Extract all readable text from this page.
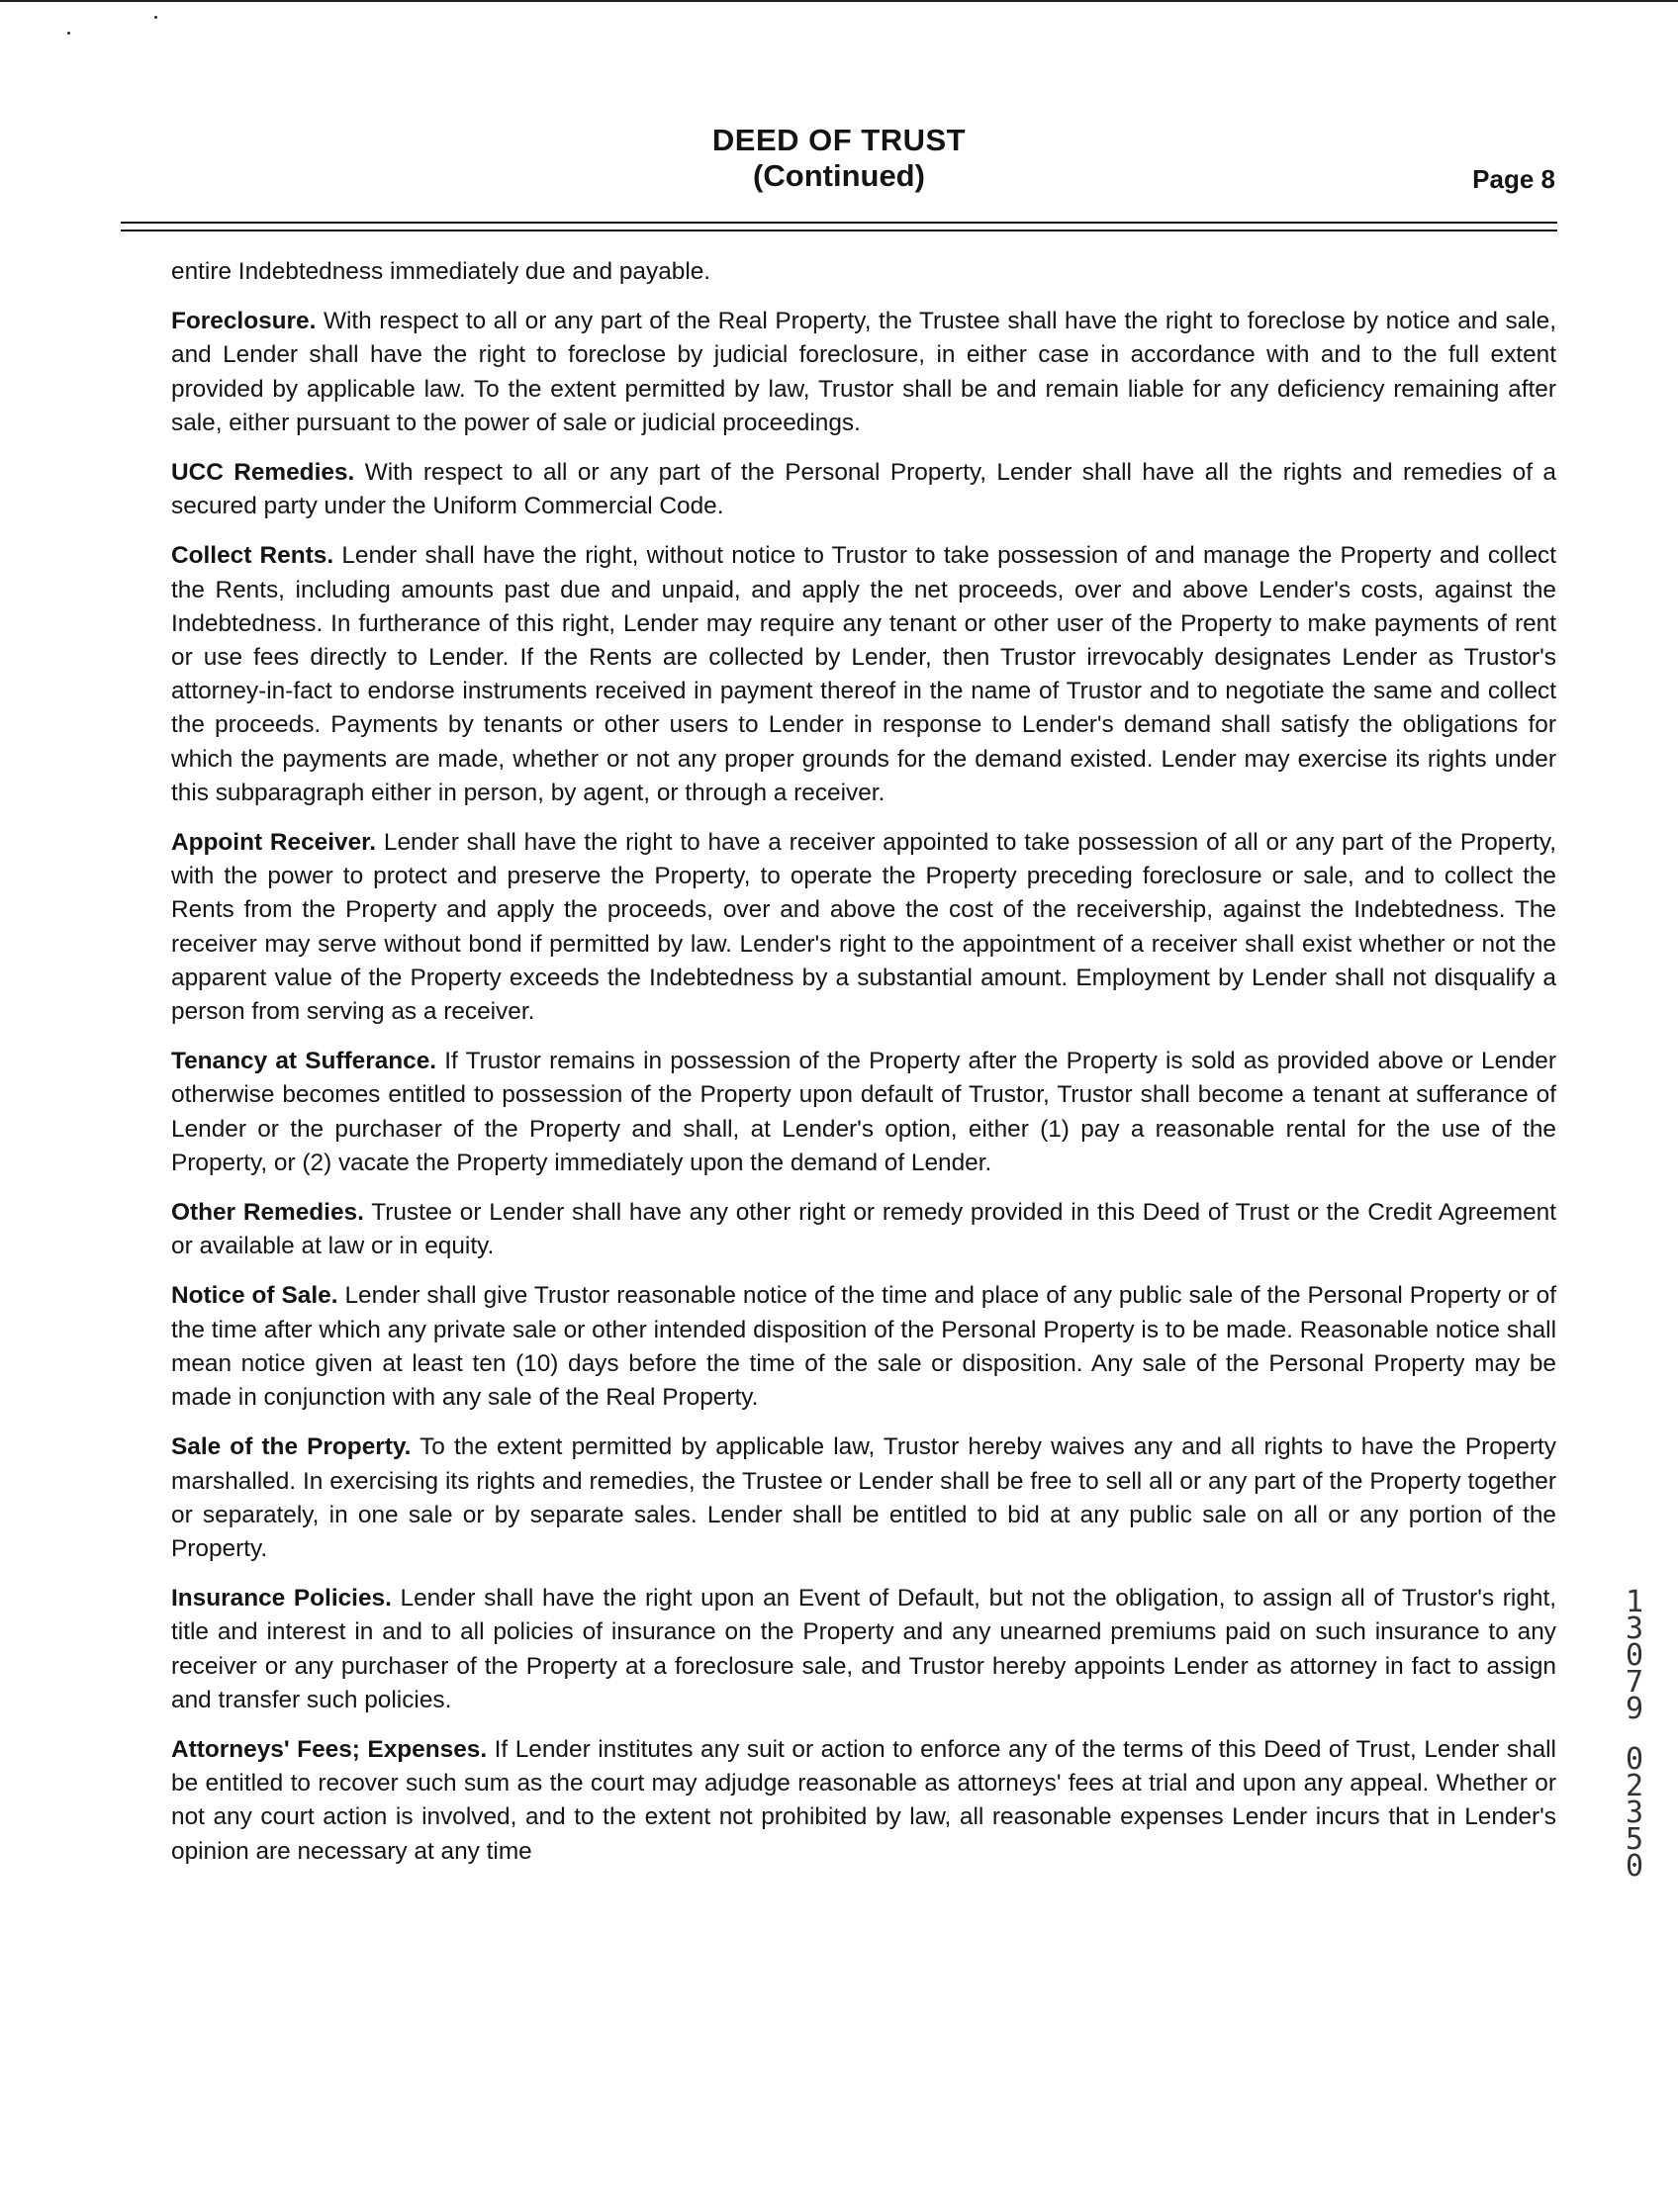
DEED OF TRUST
(Continued)	Page 8

entire Indebtedness immediately due and payable.

Foreclosure. With respect to all or any part of the Real Property, the Trustee shall have the right to foreclose by notice and sale, and Lender shall have the right to foreclose by judicial foreclosure, in either case in accordance with and to the full extent provided by applicable law. To the extent permitted by law, Trustor shall be and remain liable for any deficiency remaining after sale, either pursuant to the power of sale or judicial proceedings.

UCC Remedies. With respect to all or any part of the Personal Property, Lender shall have all the rights and remedies of a secured party under the Uniform Commercial Code.

Collect Rents. Lender shall have the right, without notice to Trustor to take possession of and manage the Property and collect the Rents, including amounts past due and unpaid, and apply the net proceeds, over and above Lender's costs, against the Indebtedness. In furtherance of this right, Lender may require any tenant or other user of the Property to make payments of rent or use fees directly to Lender. If the Rents are collected by Lender, then Trustor irrevocably designates Lender as Trustor's attorney-in-fact to endorse instruments received in payment thereof in the name of Trustor and to negotiate the same and collect the proceeds. Payments by tenants or other users to Lender in response to Lender's demand shall satisfy the obligations for which the payments are made, whether or not any proper grounds for the demand existed. Lender may exercise its rights under this subparagraph either in person, by agent, or through a receiver.

Appoint Receiver. Lender shall have the right to have a receiver appointed to take possession of all or any part of the Property, with the power to protect and preserve the Property, to operate the Property preceding foreclosure or sale, and to collect the Rents from the Property and apply the proceeds, over and above the cost of the receivership, against the Indebtedness. The receiver may serve without bond if permitted by law. Lender's right to the appointment of a receiver shall exist whether or not the apparent value of the Property exceeds the Indebtedness by a substantial amount. Employment by Lender shall not disqualify a person from serving as a receiver.

Tenancy at Sufferance. If Trustor remains in possession of the Property after the Property is sold as provided above or Lender otherwise becomes entitled to possession of the Property upon default of Trustor, Trustor shall become a tenant at sufferance of Lender or the purchaser of the Property and shall, at Lender's option, either (1) pay a reasonable rental for the use of the Property, or (2) vacate the Property immediately upon the demand of Lender.

Other Remedies. Trustee or Lender shall have any other right or remedy provided in this Deed of Trust or the Credit Agreement or available at law or in equity.

Notice of Sale. Lender shall give Trustor reasonable notice of the time and place of any public sale of the Personal Property or of the time after which any private sale or other intended disposition of the Personal Property is to be made. Reasonable notice shall mean notice given at least ten (10) days before the time of the sale or disposition. Any sale of the Personal Property may be made in conjunction with any sale of the Real Property.

Sale of the Property. To the extent permitted by applicable law, Trustor hereby waives any and all rights to have the Property marshalled. In exercising its rights and remedies, the Trustee or Lender shall be free to sell all or any part of the Property together or separately, in one sale or by separate sales. Lender shall be entitled to bid at any public sale on all or any portion of the Property.

Insurance Policies. Lender shall have the right upon an Event of Default, but not the obligation, to assign all of Trustor's right, title and interest in and to all policies of insurance on the Property and any unearned premiums paid on such insurance to any receiver or any purchaser of the Property at a foreclosure sale, and Trustor hereby appoints Lender as attorney in fact to assign and transfer such policies.

Attorneys' Fees; Expenses. If Lender institutes any suit or action to enforce any of the terms of this Deed of Trust, Lender shall be entitled to recover such sum as the court may adjudge reasonable as attorneys' fees at trial and upon any appeal. Whether or not any court action is involved, and to the extent not prohibited by law, all reasonable expenses Lender incurs that in Lender's opinion are necessary at any time

1
3
0
7
9
0
2
3
5
0
